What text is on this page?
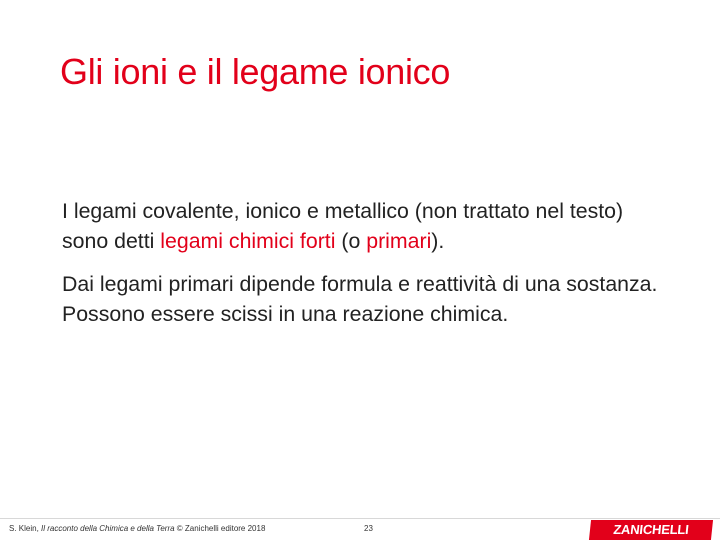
Gli ioni e il legame ionico

I legami covalente, ionico e metallico (non trattato nel testo) sono detti legami chimici forti (o primari).

Dai legami primari dipende formula e reattività di una sostanza. Possono essere scissi in una reazione chimica.

S. Klein, Il racconto della Chimica e della Terra © Zanichelli editore 2018	23	ZANICHELLI
